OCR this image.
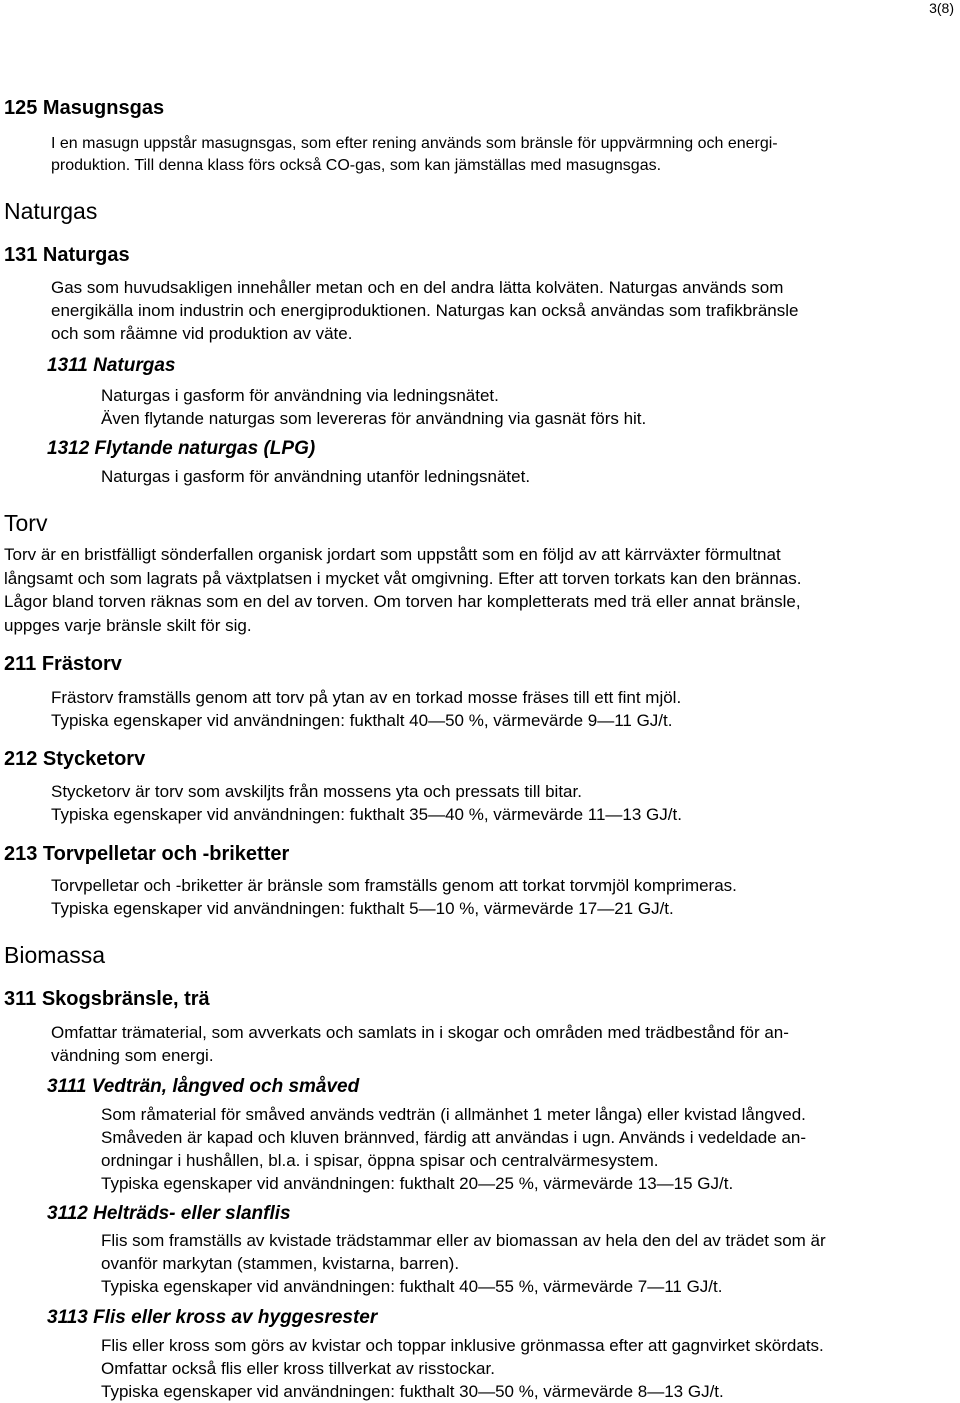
3(8)
125 Masugnsgas
I en masugn uppstår masugnsgas, som efter rening används som bränsle för uppvärmning och energi-
produktion. Till denna klass förs också CO-gas, som kan jämställas med masugnsgas.
Naturgas
131 Naturgas
Gas som huvudsakligen innehåller metan och en del andra lätta kolväten. Naturgas används som
energikälla inom industrin och energiproduktionen. Naturgas kan också användas som trafikbränsle
och som råämne vid produktion av väte.
1311 Naturgas
Naturgas i gasform för användning via ledningsnätet.
Även flytande naturgas som levereras för användning via gasnät förs hit.
1312 Flytande naturgas (LPG)
Naturgas i gasform för användning utanför ledningsnätet.
Torv
Torv är en bristfälligt sönderfallen organisk jordart som uppstått som en följd av att kärrväxter förmultnat
långsamt och som lagrats på växtplatsen i mycket våt omgivning. Efter att torven torkats kan den brännas.
Lågor bland torven räknas som en del av torven. Om torven har kompletterats med trä eller annat bränsle,
uppges varje bränsle skilt för sig.
211 Frästorv
Frästorv framställs genom att torv på ytan av en torkad mosse fräses till ett fint mjöl.
Typiska egenskaper vid användningen: fukthalt 40—50 %, värmevärde 9—11 GJ/t.
212 Stycketorv
Stycketorv är torv som avskiljts från mossens yta och pressats till bitar.
Typiska egenskaper vid användningen: fukthalt 35—40 %, värmevärde 11—13 GJ/t.
213 Torvpelletar och -briketter
Torvpelletar och -briketter är bränsle som framställs genom att torkat torvmjöl komprimeras.
Typiska egenskaper vid användningen: fukthalt 5—10 %, värmevärde 17—21 GJ/t.
Biomassa
311 Skogsbränsle, trä
Omfattar trämaterial, som avverkats och samlats in i skogar och områden med trädbestånd för an-
vändning som energi.
3111 Vedträn, långved och småved
Som råmaterial för småved används vedträn (i allmänhet 1 meter långa) eller kvistad långved.
Småveden är kapad och kluven brännved, färdig att användas i ugn. Används i vedeldade an-
ordningar i hushållen, bl.a. i spisar, öppna spisar och centralvärmesystem.
Typiska egenskaper vid användningen: fukthalt 20—25 %, värmevärde 13—15 GJ/t.
3112 Helträds- eller slanflis
Flis som framställs av kvistade trädstammar eller av biomassan av hela den del av trädet som är
ovanför markytan (stammen, kvistarna, barren).
Typiska egenskaper vid användningen: fukthalt 40—55 %, värmevärde 7—11 GJ/t.
3113 Flis eller kross av hyggesrester
Flis eller kross som görs av kvistar och toppar inklusive grönmassa efter att gagnvirket skördats.
Omfattar också flis eller kross tillverkat av risstockar.
Typiska egenskaper vid användningen: fukthalt 30—50 %, värmevärde 8—13 GJ/t.
